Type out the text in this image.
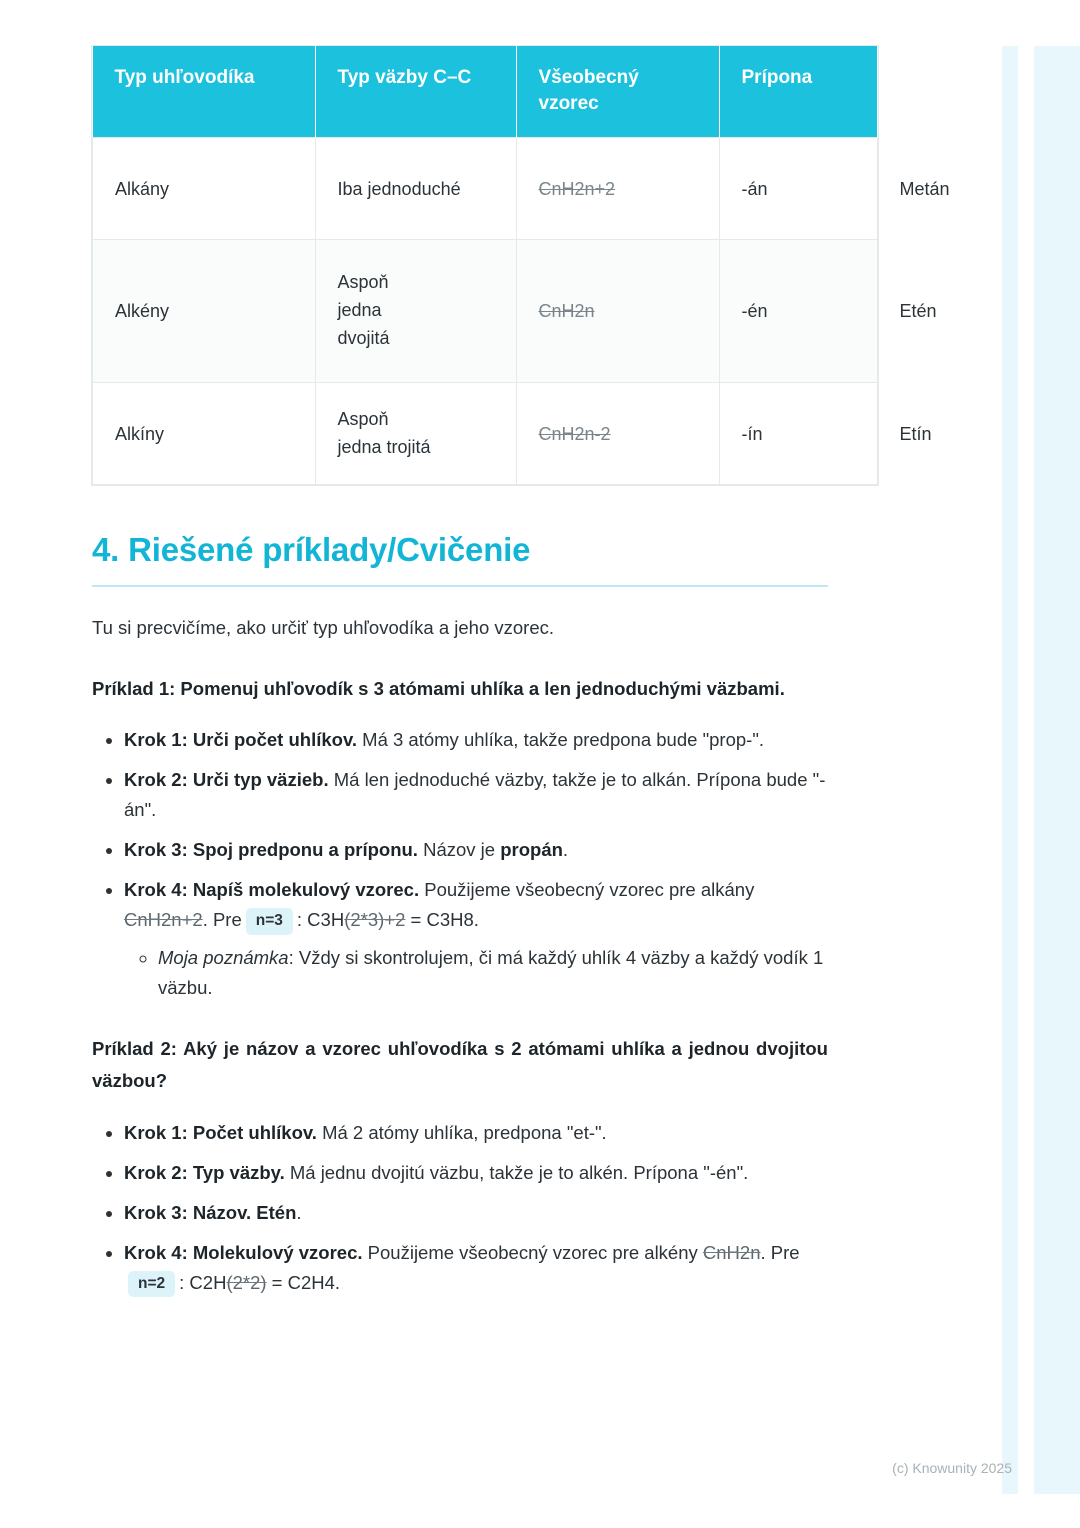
Typ uhľovodíka	Typ väzby C–C	Všeobecný vzorec	Prípona	Príklad
Alkány	Iba jednoduché	CnH2n+2	-án	Metán
Alkény	Aspoň
jedna
dvojitá	CnH2n	-én	Etén
Alkíny	Aspoň
jedna trojitá	CnH2n-2	-ín	Etín
4. Riešené príklady/Cvičenie

Tu si precvičíme, ako určiť typ uhľovodíka a jeho vzorec.

Príklad 1: Pomenuj uhľovodík s 3 atómami uhlíka a len jednoduchými väzbami.

• Krok 1: Urči počet uhlíkov. Má 3 atómy uhlíka, takže predpona bude "prop-".
• Krok 2: Urči typ väzieb. Má len jednoduché väzby, takže je to alkán. Prípona bude "-án".
• Krok 3: Spoj predponu a príponu. Názov je propán.
• Krok 4: Napíš molekulový vzorec. Použijeme všeobecný vzorec pre alkány CnH2n+2. Pre n=3 : C3H(2*3)+2 = C3H8.
◦ Moja poznámka: Vždy si skontrolujem, či má každý uhlík 4 väzby a každý vodík 1 väzbu.

Príklad 2: Aký je názov a vzorec uhľovodíka s 2 atómami uhlíka a jednou dvojitou väzbou?

• Krok 1: Počet uhlíkov. Má 2 atómy uhlíka, predpona "et-".
• Krok 2: Typ väzby. Má jednu dvojitú väzbu, takže je to alkén. Prípona "-én".
• Krok 3: Názov. Etén.
• Krok 4: Molekulový vzorec. Použijeme všeobecný vzorec pre alkény CnH2n. Pren=2 : C2H(2*2) = C2H4.
(c) Knowunity 2025
